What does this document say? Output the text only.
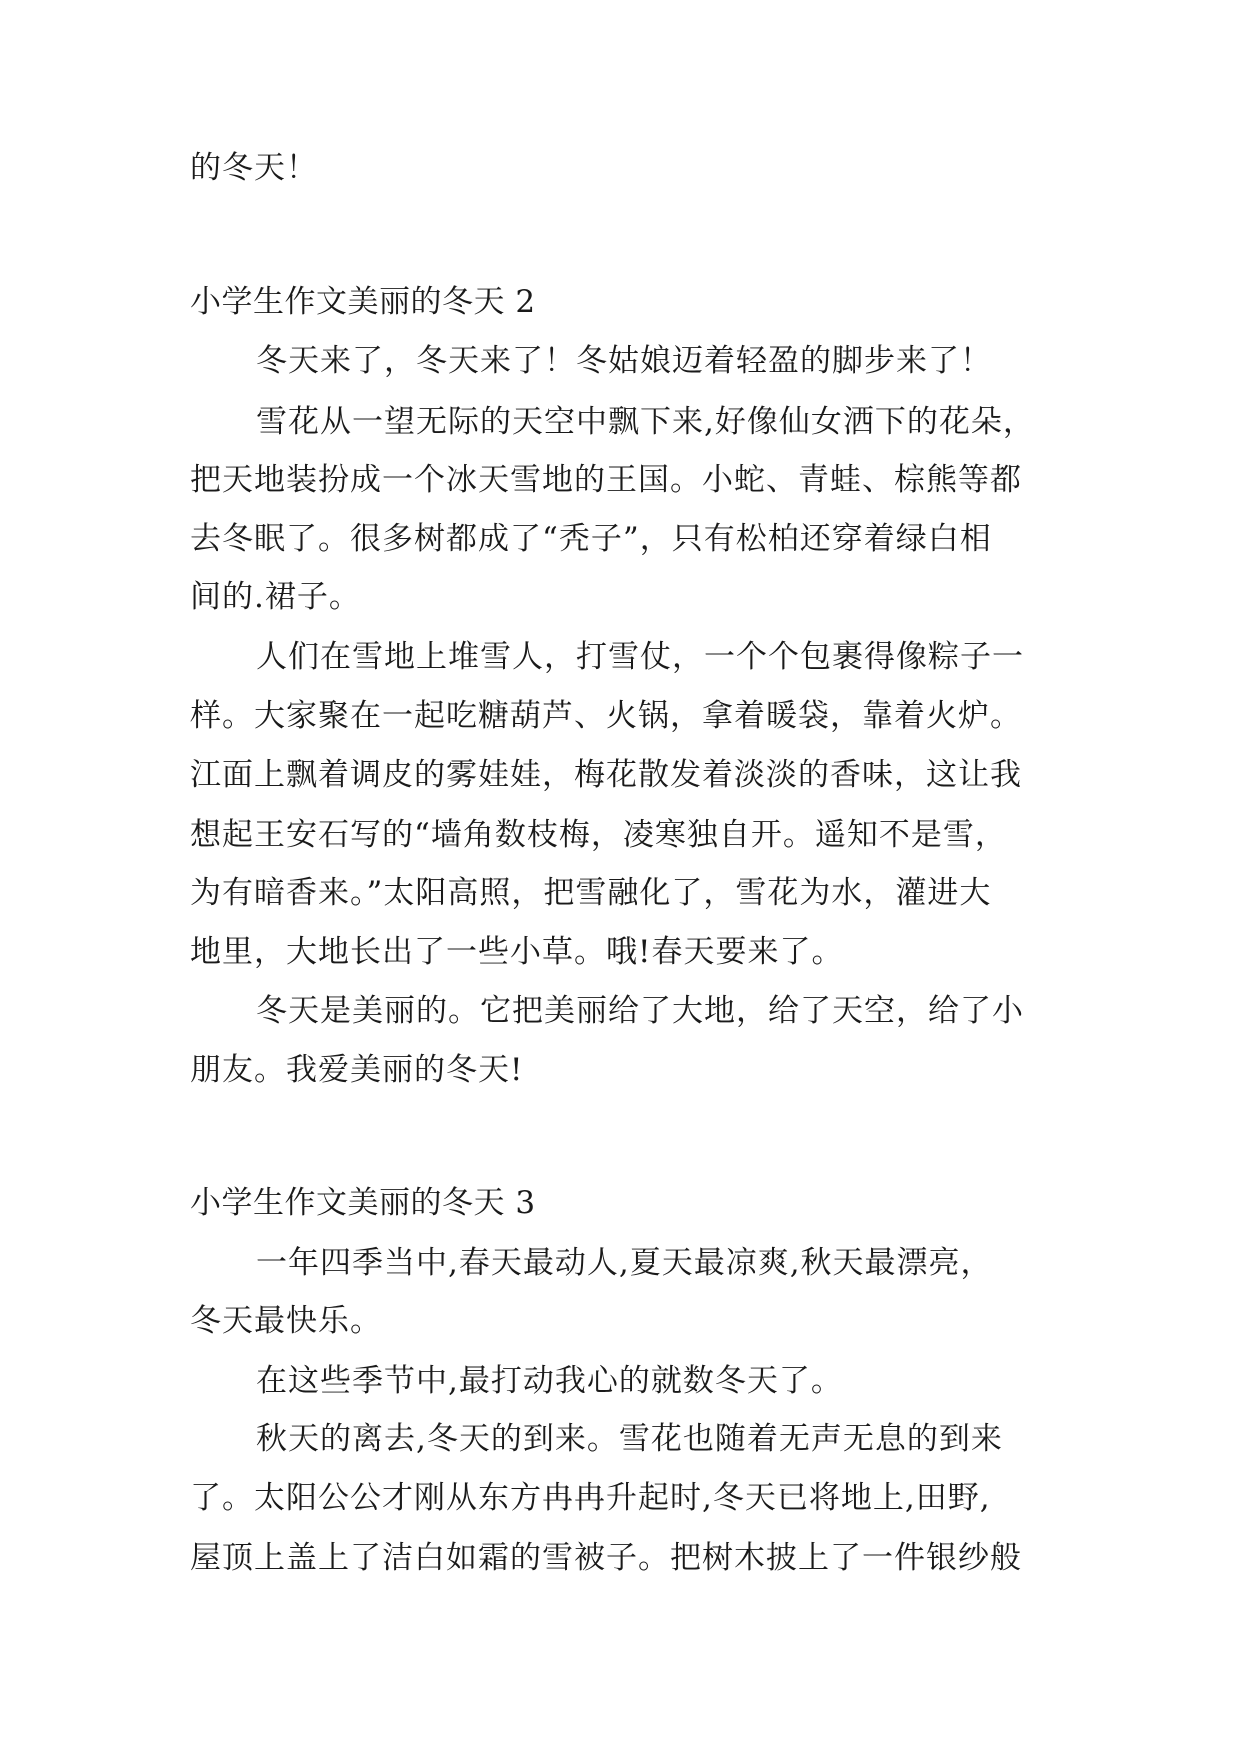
的冬天！
小学生作文美丽的冬天 2
冬天来了，冬天来了！冬姑娘迈着轻盈的脚步来了！
雪花从一望无际的天空中飘下来,好像仙女洒下的花朵，
把天地装扮成一个冰天雪地的王国。小蛇、青蛙、棕熊等都
去冬眠了。很多树都成了“秃子”，只有松柏还穿着绿白相
间的.裙子。
人们在雪地上堆雪人，打雪仗，一个个包裹得像粽子一
样。大家聚在一起吃糖葫芦、火锅，拿着暖袋，靠着火炉。
江面上飘着调皮的雾娃娃，梅花散发着淡淡的香味，这让我
想起王安石写的“墙角数枝梅，凌寒独自开。遥知不是雪，
为有暗香来。”太阳高照，把雪融化了，雪花为水，灌进大
地里，大地长出了一些小草。哦!春天要来了。
冬天是美丽的。它把美丽给了大地，给了天空，给了小
朋友。我爱美丽的冬天!
小学生作文美丽的冬天 3
一年四季当中,春天最动人,夏天最凉爽,秋天最漂亮，
冬天最快乐。
在这些季节中,最打动我心的就数冬天了。
秋天的离去,冬天的到来。雪花也随着无声无息的到来
了。太阳公公才刚从东方冉冉升起时,冬天已将地上,田野,
屋顶上盖上了洁白如霜的雪被子。把树木披上了一件银纱般
